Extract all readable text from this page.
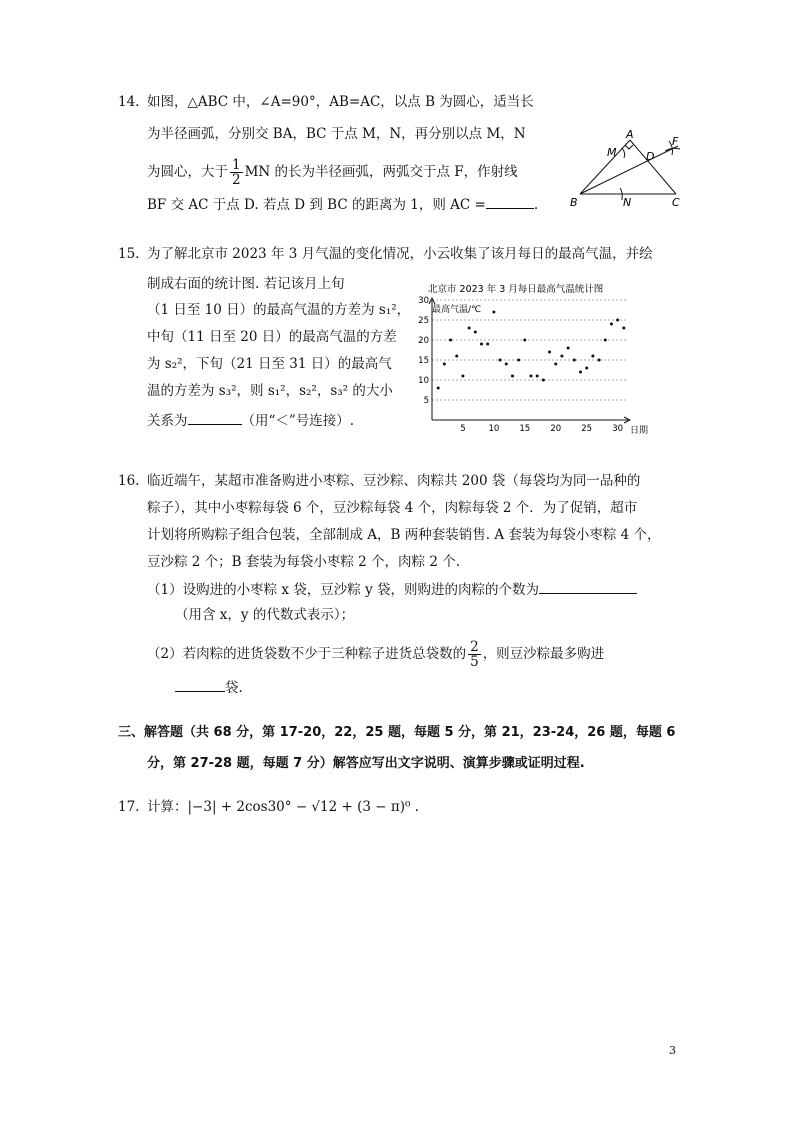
14. 如图，△ABC 中，∠A=90°，AB=AC，以点 B 为圆心，适当长
为半径画弧，分别交 BA，BC 于点 M，N，再分别以点 M，N
为圆心，大于 $\frac{1}{2}$ MN 的长为半径画弧，两弧交于点 F，作射线
BF 交 AC 于点 D. 若点 D 到 BC 的距离为 1，则 AC =	.
A
B	C
M
N
D
F
15. 为了解北京市 2023 年 3 月气温的变化情况，小云收集了该月每日的最高气温，并绘
制成右面的统计图. 若记该月上旬
（1 日至 10 日）的最高气温的方差为 s₁²，
中旬（11 日至 20 日）的最高气温的方差
为 s₂²，下旬（21 日至 31 日）的最高气
温的方差为 s₃²，则 s₁²，s₂²，s₃² 的大小
关系为	（用“＜”号连接）.
北京市 2023 年 3 月每日最高气温统计图
最高气温/℃
日期
5
10
15
20
25
30
5	10 15 20 25 30
16. 临近端午，某超市准备购进小枣粽、豆沙粽、肉粽共 200 袋（每袋均为同一品种的
粽子），其中小枣粽每袋 6 个，豆沙粽每袋 4 个，肉粽每袋 2 个．为了促销，超市
计划将所购粽子组合包装，全部制成 A，B 两种套装销售. A 套装为每袋小枣粽 4 个，
豆沙粽 2 个；B 套装为每袋小枣粽 2 个，肉粽 2 个.
（1）设购进的小枣粽 x 袋，豆沙粽 y 袋，则购进的肉粽的个数为
（用含 x，y 的代数式表示）；
（2）若肉粽的进货袋数不少于三种粽子进货总袋数的 $\frac{2}{5}$ ，则豆沙粽最多购进
袋.
三、解答题（共 68 分，第 17-20，22，25 题，每题 5 分，第 21，23-24，26 题，每题 6
分，第 27-28 题，每题 7 分）解答应写出文字说明、演算步骤或证明过程.
17. 计算：|−3| + 2cos30° − √12 + (3 − π)⁰ .
3
